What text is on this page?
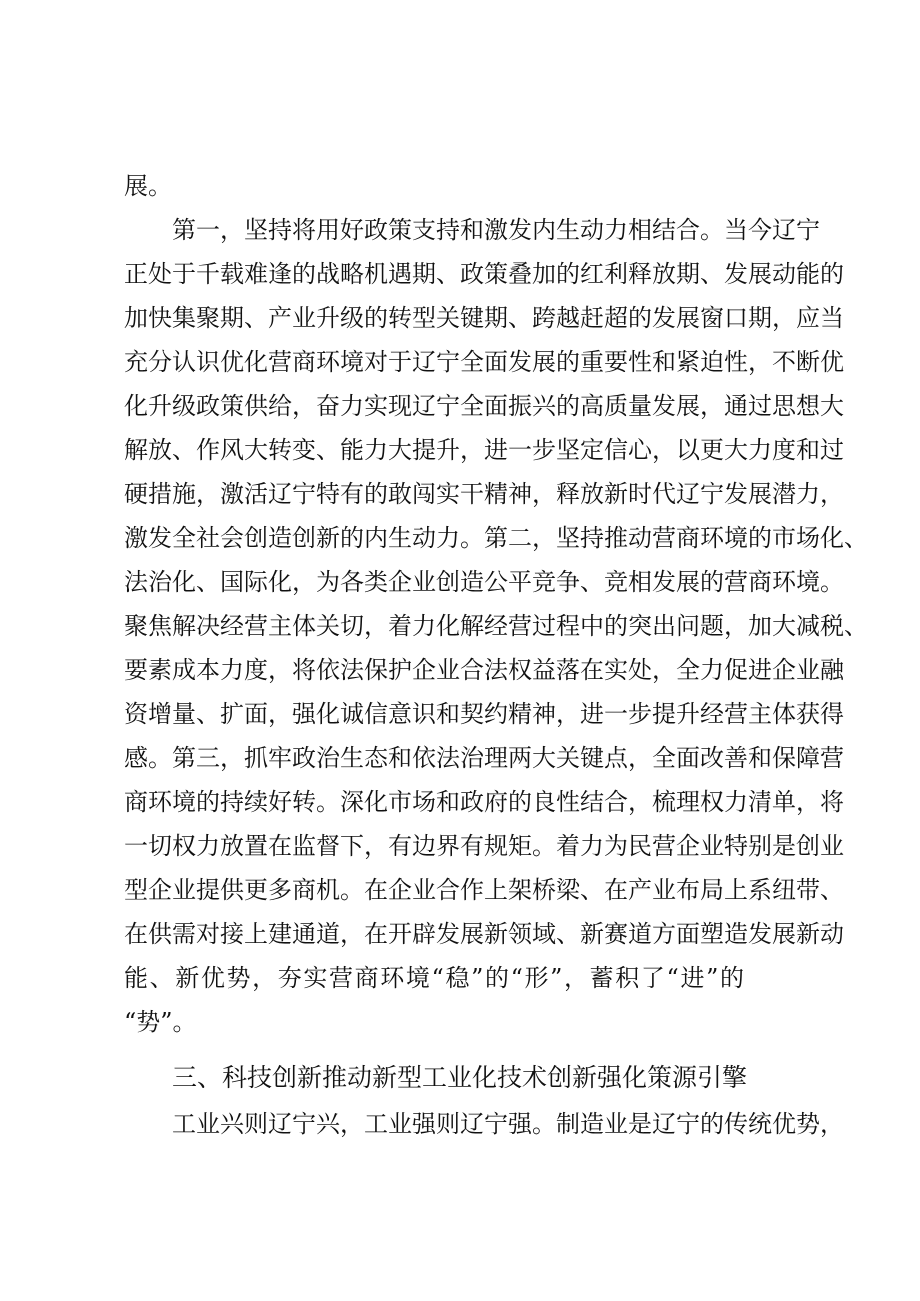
展。
第一，坚持将用好政策支持和激发内生动力相结合。当今辽宁
正处于千载难逢的战略机遇期、政策叠加的红利释放期、发展动能的
加快集聚期、产业升级的转型关键期、跨越赶超的发展窗口期，应当
充分认识优化营商环境对于辽宁全面发展的重要性和紧迫性，不断优
化升级政策供给，奋力实现辽宁全面振兴的高质量发展，通过思想大
解放、作风大转变、能力大提升，进一步坚定信心，以更大力度和过
硬措施，激活辽宁特有的敢闯实干精神，释放新时代辽宁发展潜力，
激发全社会创造创新的内生动力。第二，坚持推动营商环境的市场化、
法治化、国际化，为各类企业创造公平竞争、竞相发展的营商环境。
聚焦解决经营主体关切，着力化解经营过程中的突出问题，加大减税、
要素成本力度，将依法保护企业合法权益落在实处，全力促进企业融
资增量、扩面，强化诚信意识和契约精神，进一步提升经营主体获得
感。第三，抓牢政治生态和依法治理两大关键点，全面改善和保障营
商环境的持续好转。深化市场和政府的良性结合，梳理权力清单，将
一切权力放置在监督下，有边界有规矩。着力为民营企业特别是创业
型企业提供更多商机。在企业合作上架桥梁、在产业布局上系纽带、
在供需对接上建通道，在开辟发展新领域、新赛道方面塑造发展新动
能、新优势，夯实营商环境“稳”的“形”，蓄积了“进”的
“势”。
三、科技创新推动新型工业化技术创新强化策源引擎
工业兴则辽宁兴，工业强则辽宁强。制造业是辽宁的传统优势，
